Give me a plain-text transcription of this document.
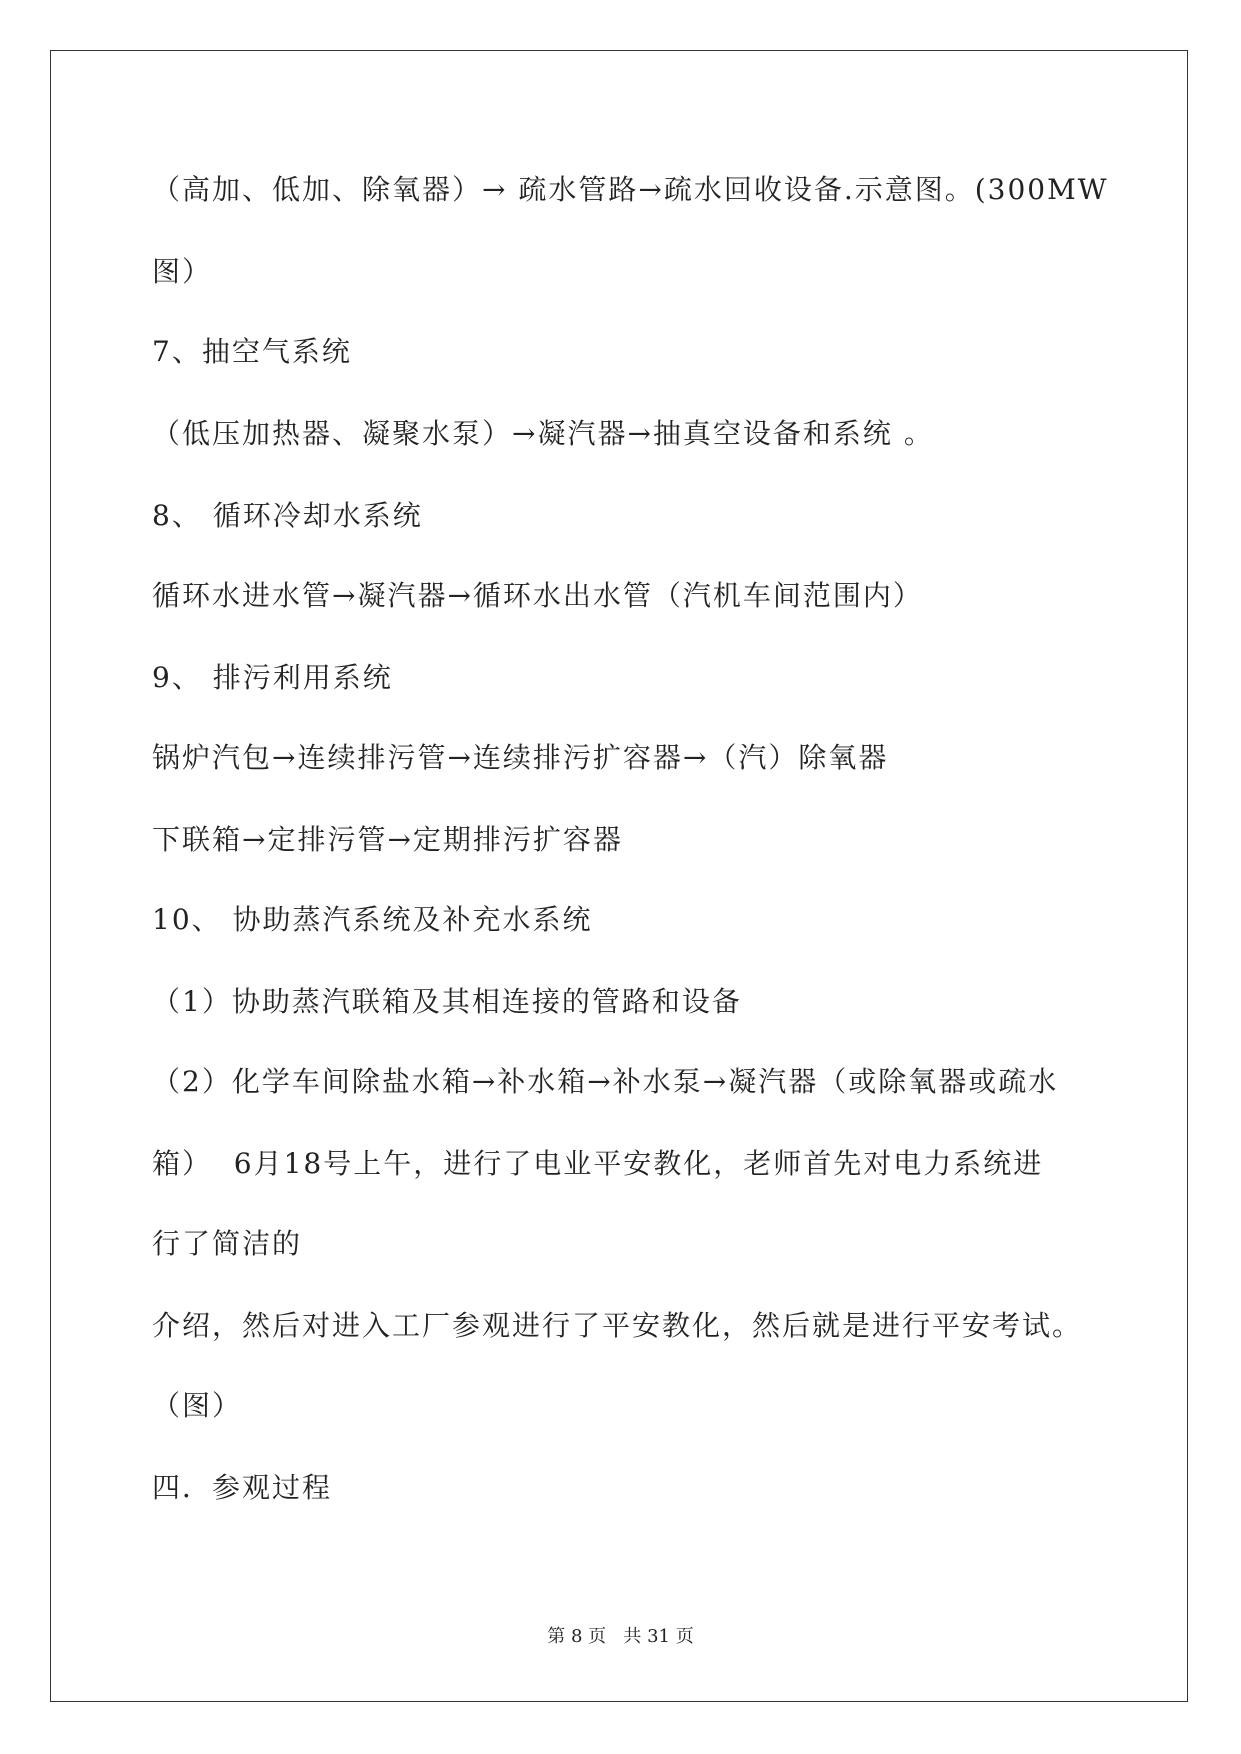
（高加、低加、除氧器）→ 疏水管路→疏水回收设备.示意图。(300MW
图）
7、抽空气系统
（低压加热器、凝聚水泵）→凝汽器→抽真空设备和系统 。
8、 循环冷却水系统
循环水进水管→凝汽器→循环水出水管（汽机车间范围内）
9、 排污利用系统
锅炉汽包→连续排污管→连续排污扩容器→（汽）除氧器
下联箱→定排污管→定期排污扩容器
10、 协助蒸汽系统及补充水系统
（1）协助蒸汽联箱及其相连接的管路和设备
（2）化学车间除盐水箱→补水箱→补水泵→凝汽器（或除氧器或疏水
箱）  6月18号上午，进行了电业平安教化，老师首先对电力系统进
行了简洁的
介绍，然后对进入工厂参观进行了平安教化，然后就是进行平安考试。
（图）
四．参观过程
第 8 页   共 31 页
